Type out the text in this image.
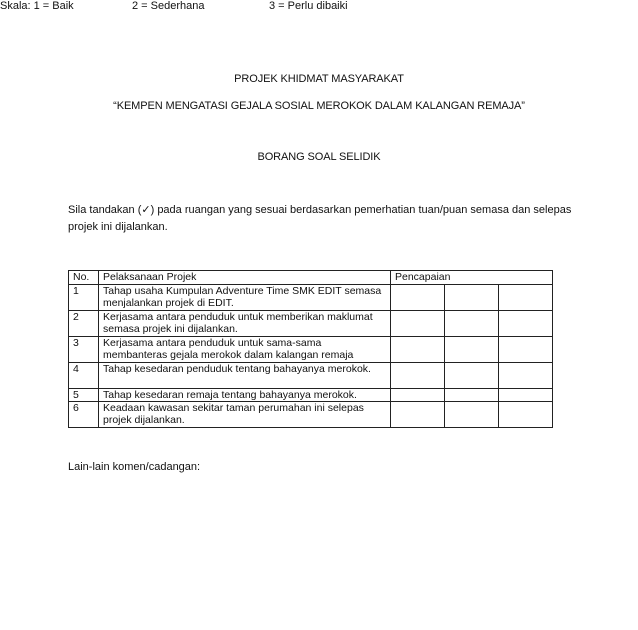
PROJEK KHIDMAT MASYARAKAT
“KEMPEN MENGATASI GEJALA SOSIAL MEROKOK DALAM KALANGAN REMAJA”
BORANG SOAL SELIDIK
Sila tandakan (✓) pada ruangan yang sesuai berdasarkan pemerhatian tuan/puan semasa dan selepas projek ini dijalankan.
Skala: 1 = Baik	2 = Sederhana	3 = Perlu dibaiki
No.	Pelaksanaan Projek	Pencapaian		
1	Tahap usaha Kumpulan Adventure Time SMK EDIT semasa menjalankan projek di EDIT.			
2	Kerjasama antara penduduk untuk memberikan maklumat semasa projek ini dijalankan.			
3	Kerjasama antara penduduk untuk sama-sama membanteras gejala merokok dalam kalangan remaja			
4	Tahap kesedaran penduduk tentang bahayanya merokok.			
5	Tahap kesedaran remaja tentang bahayanya merokok.			
6	Keadaan kawasan sekitar taman perumahan ini selepas projek dijalankan.			
Lain-lain komen/cadangan:
